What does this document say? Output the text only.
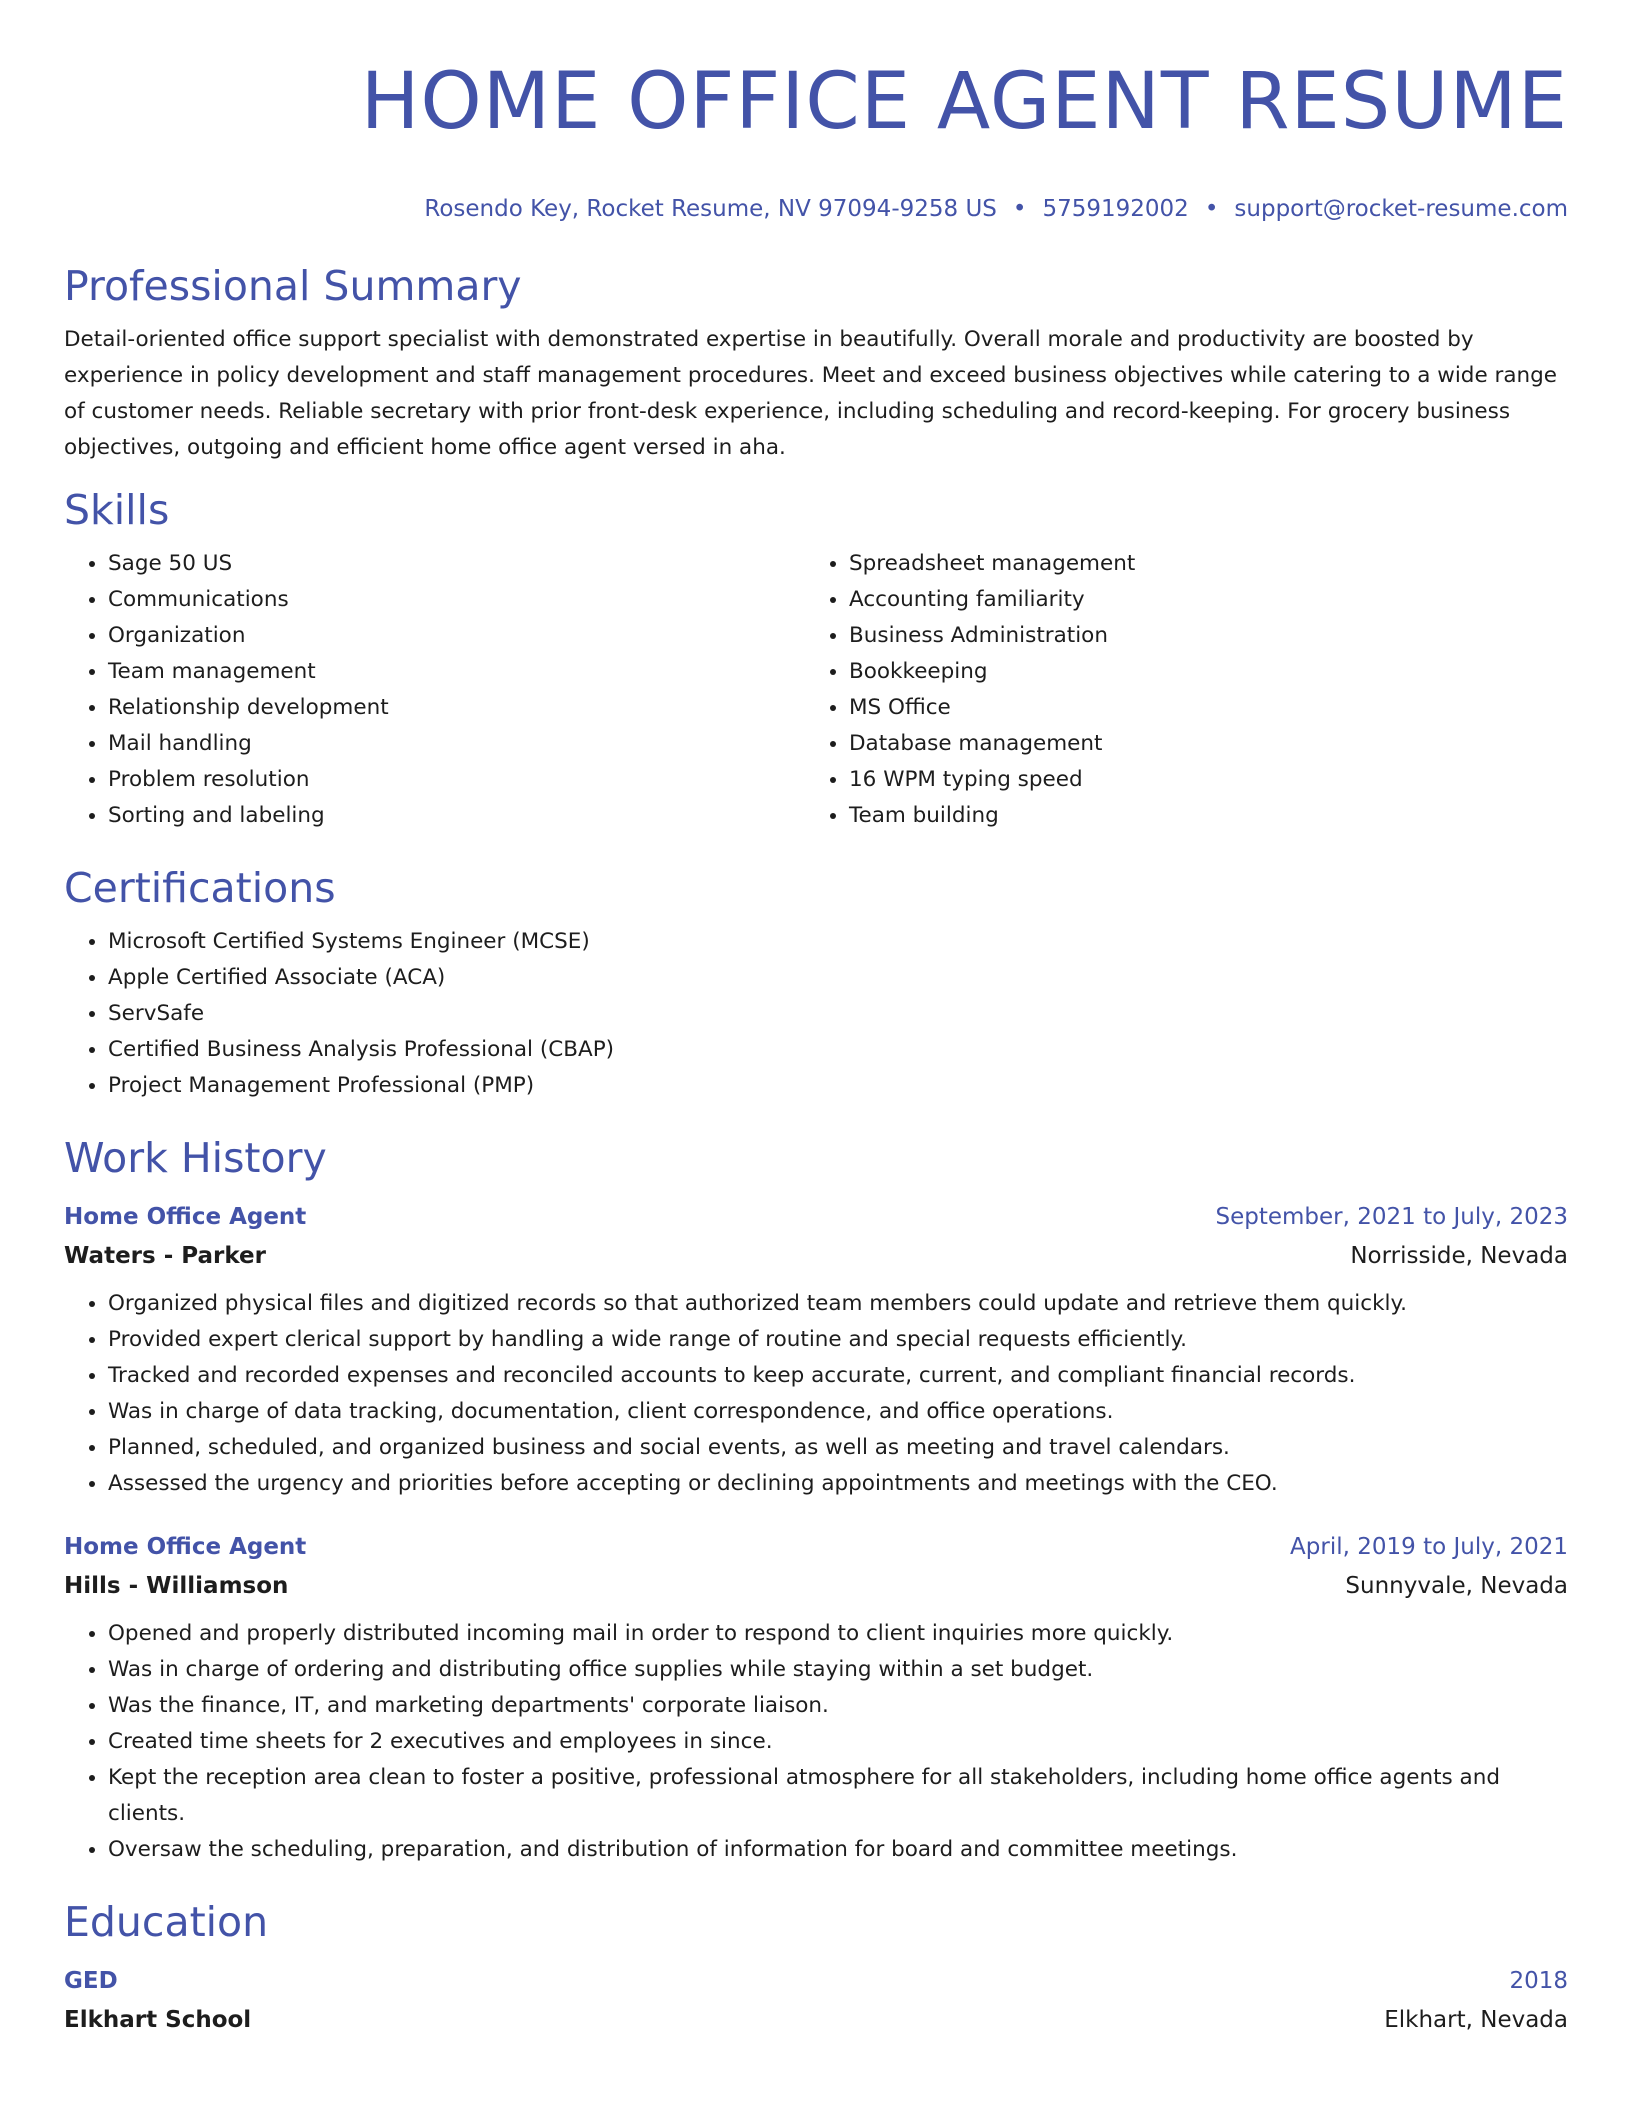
HOME OFFICE AGENT RESUME
Rosendo Key, Rocket Resume, NV 97094-9258 US • 5759192002 • support@rocket-resume.com
Professional Summary

Detail-oriented office support specialist with demonstrated expertise in beautifully. Overall morale and productivity are boosted by experience in policy development and staff management procedures. Meet and exceed business objectives while catering to a wide range of customer needs. Reliable secretary with prior front-desk experience, including scheduling and record-keeping. For grocery business objectives, outgoing and efficient home office agent versed in aha.

Skills
• Sage 50 US
• Communications
• Organization
• Team management
• Relationship development
• Mail handling
• Problem resolution
• Sorting and labeling
• Spreadsheet management
• Accounting familiarity
• Business Administration
• Bookkeeping
• MS Office
• Database management
• 16 WPM typing speed
• Team building
Certifications
• Microsoft Certified Systems Engineer (MCSE)
• Apple Certified Associate (ACA)
• ServSafe
• Certified Business Analysis Professional (CBAP)
• Project Management Professional (PMP)
Work History
Home Office Agent	September, 2021 to July, 2023
Waters - Parker	Norrisside, Nevada
• Organized physical files and digitized records so that authorized team members could update and retrieve them quickly.
• Provided expert clerical support by handling a wide range of routine and special requests efficiently.
• Tracked and recorded expenses and reconciled accounts to keep accurate, current, and compliant financial records.
• Was in charge of data tracking, documentation, client correspondence, and office operations.
• Planned, scheduled, and organized business and social events, as well as meeting and travel calendars.
• Assessed the urgency and priorities before accepting or declining appointments and meetings with the CEO.
Home Office Agent	April, 2019 to July, 2021
Hills - Williamson	Sunnyvale, Nevada
• Opened and properly distributed incoming mail in order to respond to client inquiries more quickly.
• Was in charge of ordering and distributing office supplies while staying within a set budget.
• Was the finance, IT, and marketing departments' corporate liaison.
• Created time sheets for 2 executives and employees in since.
• Kept the reception area clean to foster a positive, professional atmosphere for all stakeholders, including home office agents and clients.
• Oversaw the scheduling, preparation, and distribution of information for board and committee meetings.
Education
GED	2018
Elkhart School	Elkhart, Nevada
